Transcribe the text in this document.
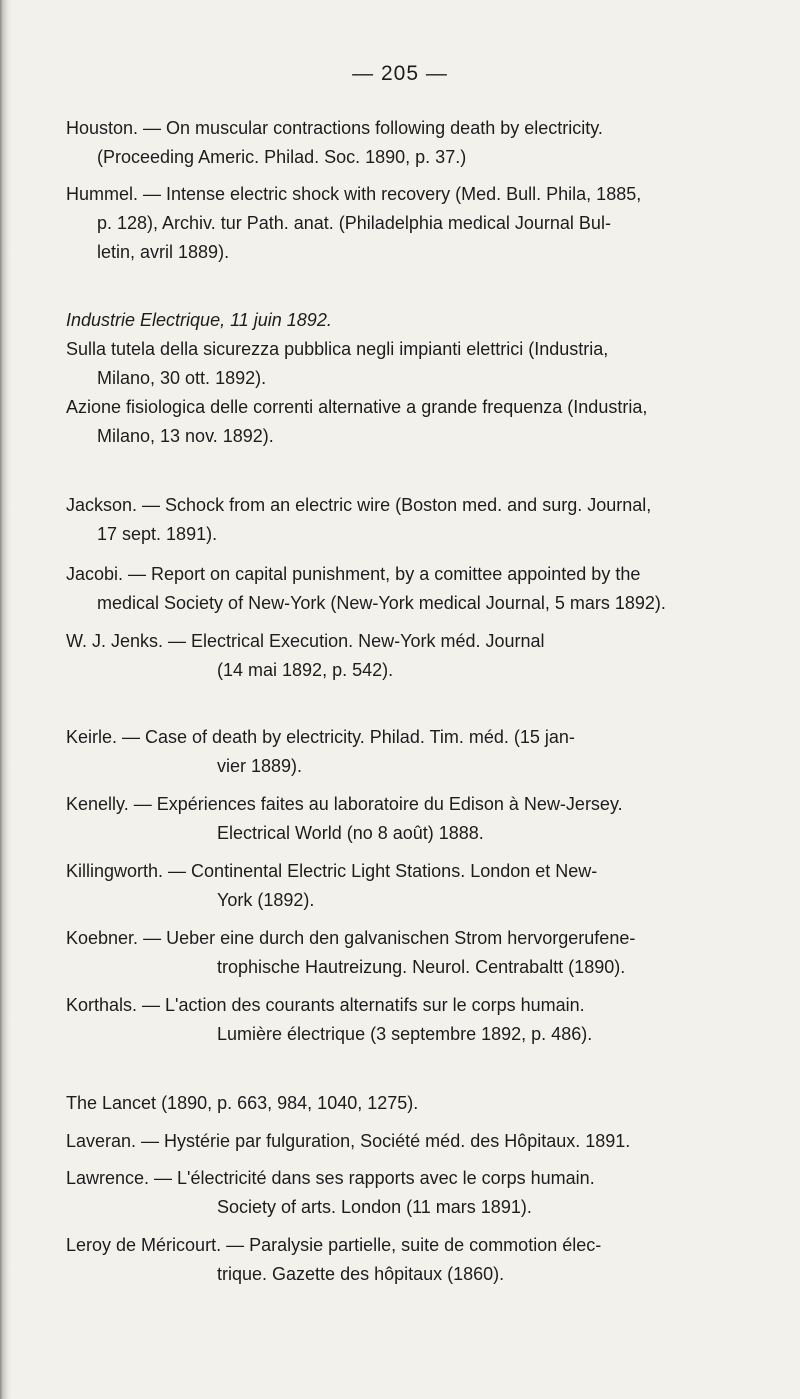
— 205 —
Houston. — On muscular contractions following death by electricity.
(Proceeding Americ. Philad. Soc. 1890, p. 37.)
Hummel. — Intense electric shock with recovery (Med. Bull. Phila, 1885,
p. 128), Archiv. tur Path. anat. (Philadelphia medical Journal Bul-
letin, avril 1889).
Industrie Electrique, 11 juin 1892.
Sulla tutela della sicurezza pubblica negli impianti elettrici (Industria,
Milano, 30 ott. 1892).
Azione fisiologica delle correnti alternative a grande frequenza (Industria,
Milano, 13 nov. 1892).
Jackson. — Schock from an electric wire (Boston med. and surg. Journal,
17 sept. 1891).
Jacobi. — Report on capital punishment, by a comittee appointed by the
medical Society of New-York (New-York medical Journal, 5 mars 1892).
W. J. Jenks. — Electrical Execution. New-York méd. Journal
(14 mai 1892, p. 542).
Keirle. — Case of death by electricity. Philad. Tim. méd. (15 jan-
vier 1889).
Kenelly. — Expériences faites au laboratoire du Edison à New-Jersey.
Electrical World (no 8 août) 1888.
Killingworth. — Continental Electric Light Stations. London et New-
York (1892).
Koebner. — Ueber eine durch den galvanischen Strom hervorgerufene-
trophische Hautreizung. Neurol. Centrabaltt (1890).
Korthals. — L'action des courants alternatifs sur le corps humain.
Lumière électrique (3 septembre 1892, p. 486).
The Lancet (1890, p. 663, 984, 1040, 1275).
Laveran. — Hystérie par fulguration, Société méd. des Hôpitaux. 1891.
Lawrence. — L'électricité dans ses rapports avec le corps humain.
Society of arts. London (11 mars 1891).
Leroy de Méricourt. — Paralysie partielle, suite de commotion élec-
trique. Gazette des hôpitaux (1860).
